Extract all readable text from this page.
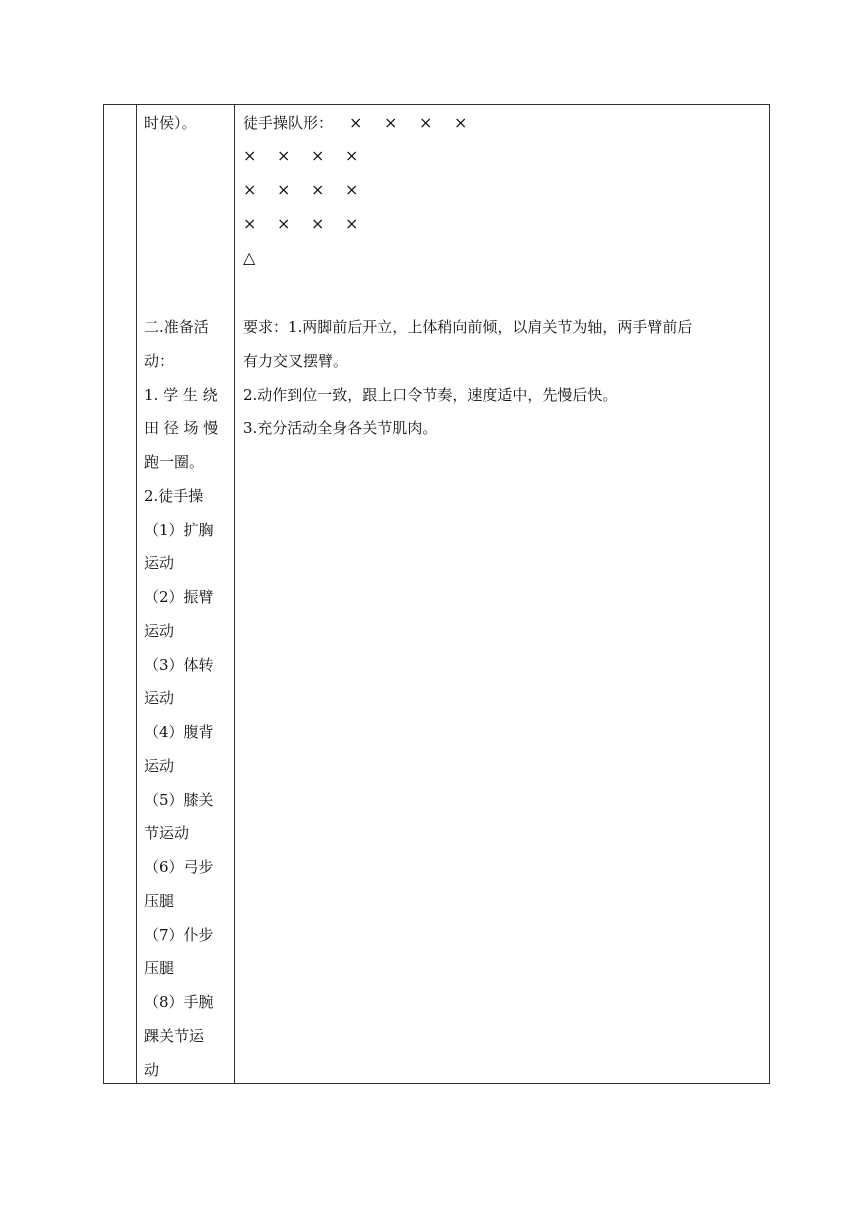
时侯）。
二.准备活
动：
1. 学 生 绕
田 径 场 慢
跑一圈。
2.徒手操
（1）扩胸
运动
（2）振臂
运动
（3）体转
运动
（4）腹背
运动
（5）膝关
节运动
（6）弓步
压腿
（7）仆步
压腿
（8）手腕
踝关节运
动
徒手操队形： ×	×	×	×
×	×	×	×
×	×	×	×
×	×	×	×
△
要求：1.两脚前后开立，上体稍向前倾，以肩关节为轴，两手臂前后
有力交叉摆臂。
2.动作到位一致，跟上口令节奏，速度适中，先慢后快。
3.充分活动全身各关节肌肉。
